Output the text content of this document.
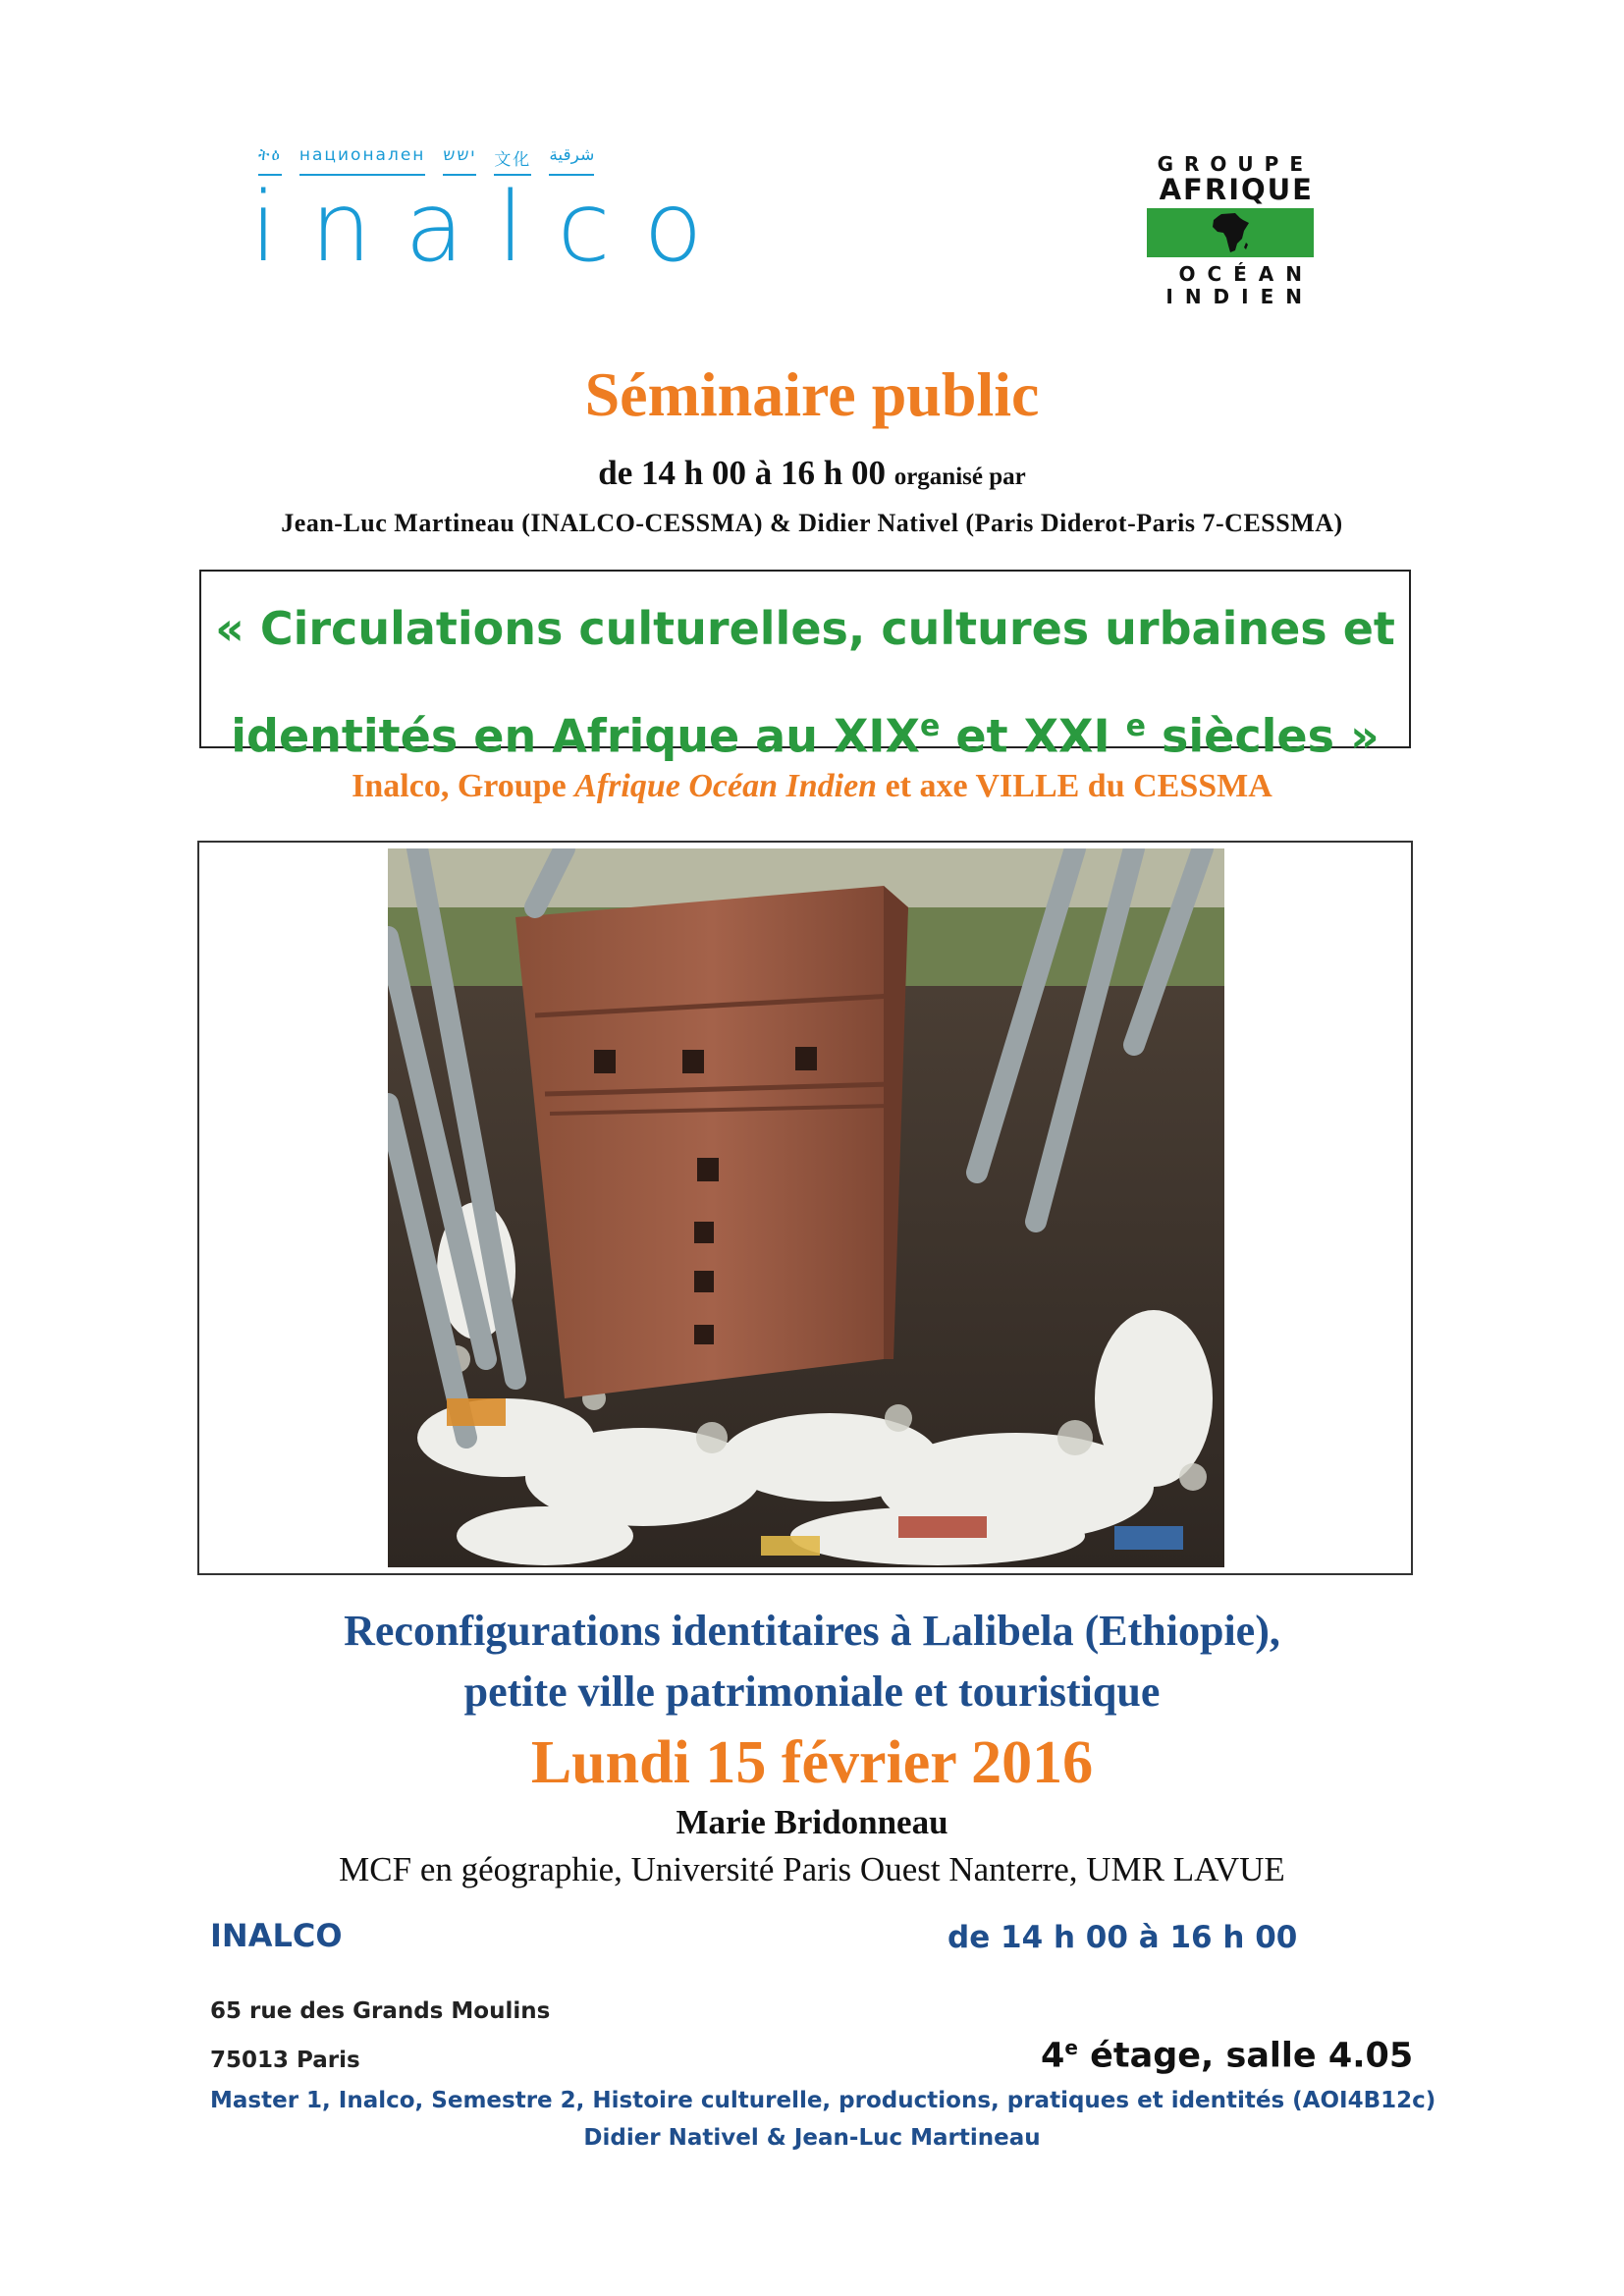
ትዕ национален ישש 文化 شرقية
inalco
GROUPE
AFRIQUE
OCÉAN
INDIEN
Séminaire public
de 14 h 00 à 16 h 00 organisé par
Jean-Luc Martineau (INALCO-CESSMA) & Didier Nativel (Paris Diderot-Paris 7-CESSMA)
« Circulations culturelles, cultures urbaines et
identités en Afrique au XIXe et XXI $^e$ siècles »
Inalco, Groupe Afrique Océan Indien et axe VILLE du CESSMA
Reconfigurations identitaires à Lalibela (Ethiopie),
petite ville patrimoniale et touristique
Lundi 15 février 2016
Marie Bridonneau
MCF en géographie, Université Paris Ouest Nanterre, UMR LAVUE
INALCO	de 14 h 00 à 16 h 00
65 rue des Grands Moulins
75013 Paris	4e étage, salle 4.05
Master 1, Inalco, Semestre 2, Histoire culturelle, productions, pratiques et identités (AOI4B12c)
Didier Nativel & Jean-Luc Martineau
